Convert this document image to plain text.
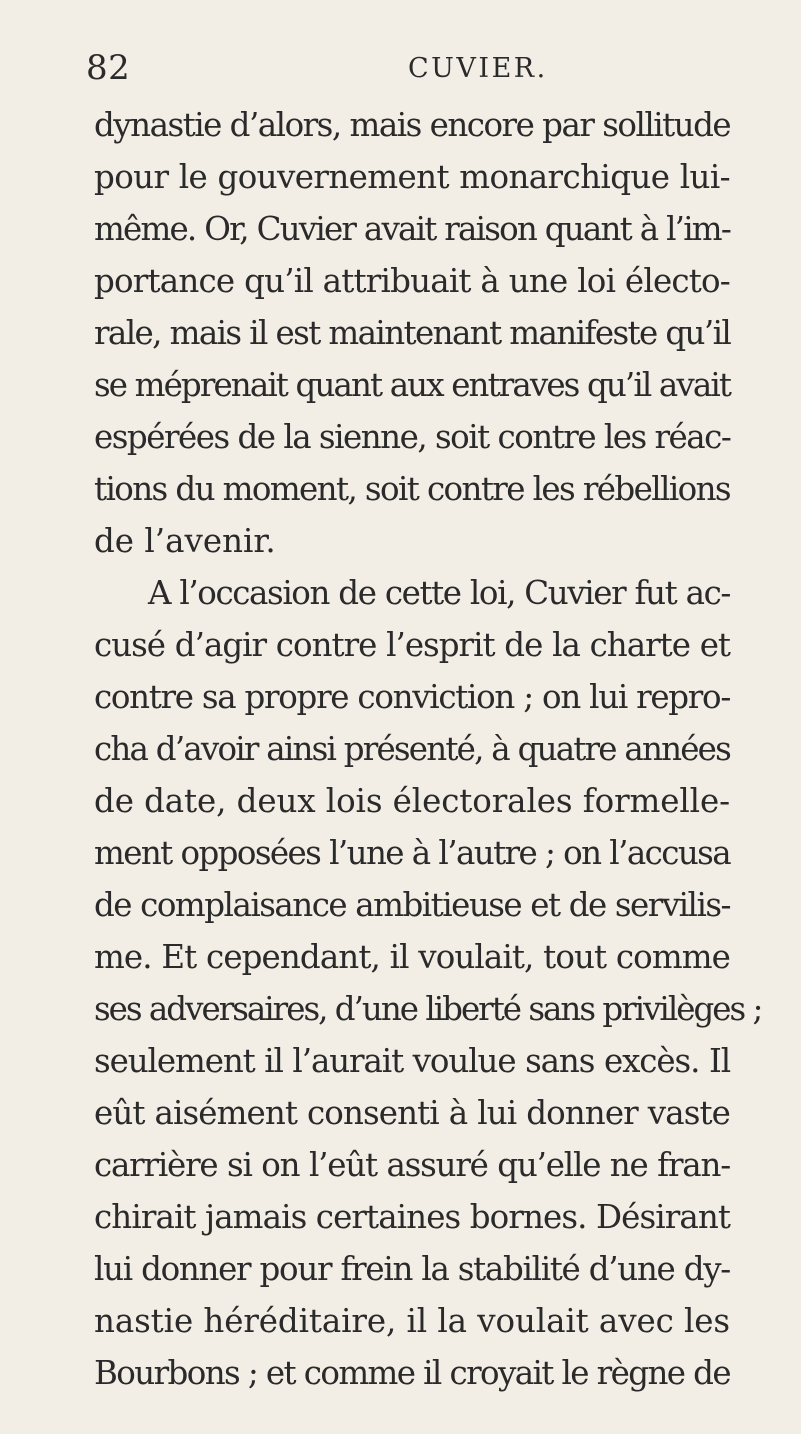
82	CUVIER.
dynastie d’alors, mais encore par sollitude
pour le gouvernement monarchique lui-
même. Or, Cuvier avait raison quant à l’im-
portance qu’il attribuait à une loi électo-
rale, mais il est maintenant manifeste qu’il
se méprenait quant aux entraves qu’il avait
espérées de la sienne, soit contre les réac-
tions du moment, soit contre les rébellions
de l’avenir.
A l’occasion de cette loi, Cuvier fut ac-
cusé d’agir contre l’esprit de la charte et
contre sa propre conviction ; on lui repro-
cha d’avoir ainsi présenté, à quatre années
de date, deux lois électorales formelle-
ment opposées l’une à l’autre ; on l’accusa
de complaisance ambitieuse et de servilis-
me. Et cependant, il voulait, tout comme
ses adversaires, d’une liberté sans privilèges ;
seulement il l’aurait voulue sans excès. Il
eût aisément consenti à lui donner vaste
carrière si on l’eût assuré qu’elle ne fran-
chirait jamais certaines bornes. Désirant
lui donner pour frein la stabilité d’une dy-
nastie héréditaire, il la voulait avec les
Bourbons ; et comme il croyait le règne de
